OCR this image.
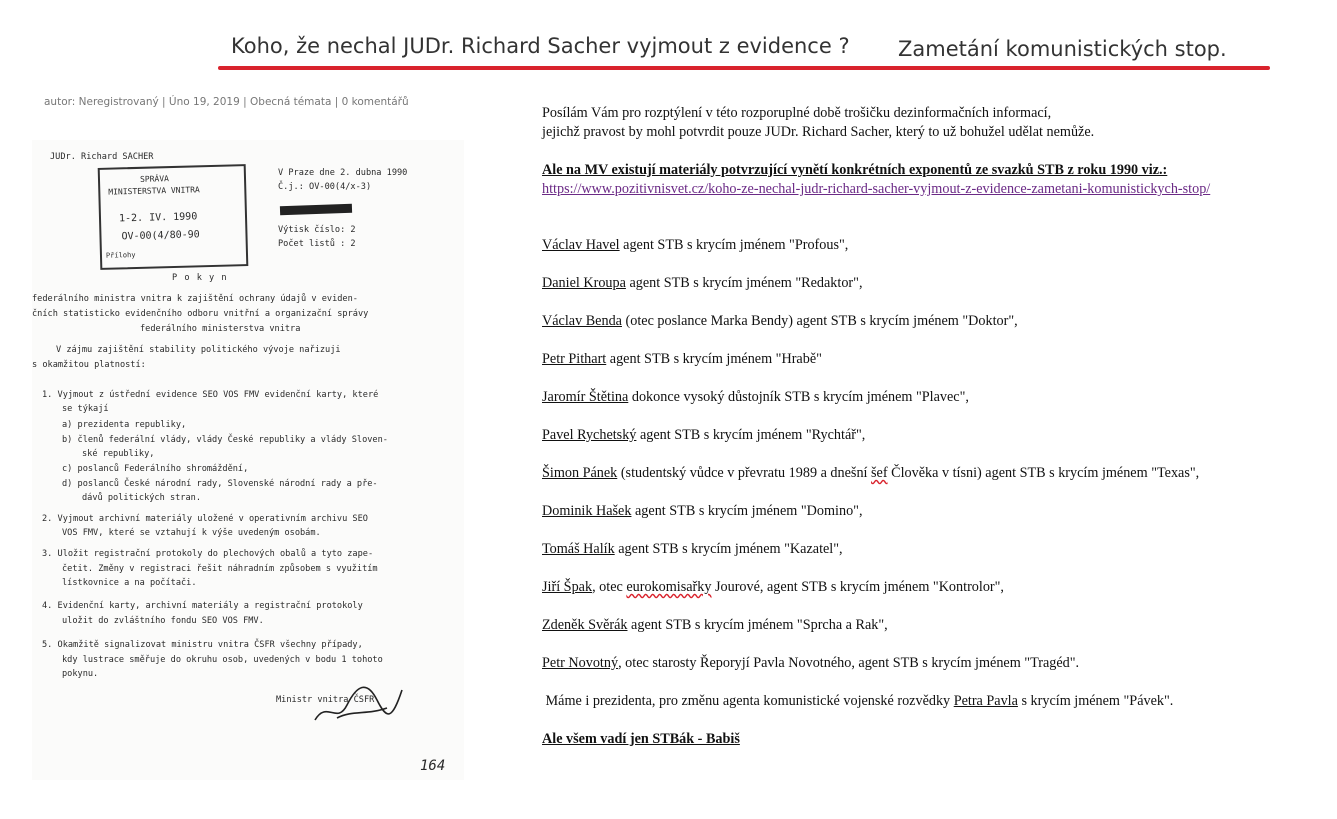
Koho, že nechal JUDr. Richard Sacher vyjmout z evidence ? Zametání komunistických stop.
autor: Neregistrovaný | Úno 19, 2019 | Obecná témata | 0 komentářů
JUDr. Richard SACHER
V Praze dne 2. dubna 1990
Č.j.: OV-00(4/x-3)
Výtisk číslo: 2
Počet listů : 2
SPRÁVA
MINISTERSTVA VNITRA
1-2. IV. 1990
OV-00(4/80-90
Přílohy
P o k y n
federálního ministra vnitra k zajištění ochrany údajů v eviden-
čních statisticko evidenčního odboru vnitřní a organizační správy
federálního ministerstva vnitra
V zájmu zajištění stability politického vývoje nařizuji
s okamžitou platností:
1. Vyjmout z ústřední evidence SEO VOS FMV evidenční karty, které
se týkají
a) prezidenta republiky,
b) členů federální vlády, vlády České republiky a vlády Sloven-
ské republiky,
c) poslanců Federálního shromáždění,
d) poslanců České národní rady, Slovenské národní rady a pře-
dávů politických stran.
2. Vyjmout archivní materiály uložené v operativním archivu SEO
VOS FMV, které se vztahují k výše uvedeným osobám.
3. Uložit registrační protokoly do plechových obalů a tyto zape-
četit. Změny v registraci řešit náhradním způsobem s využitím
lístkovnice a na počítači.
4. Evidenční karty, archivní materiály a registrační protokoly
uložit do zvláštního fondu SEO VOS FMV.
5. Okamžitě signalizovat ministru vnitra ČSFR všechny případy,
kdy lustrace směřuje do okruhu osob, uvedených v bodu 1 tohoto
pokynu.
Ministr vnitra ČSFR
164

Posílám Vám pro rozptýlení v této rozporuplné době trošičku dezinformačních informací,

jejichž pravost by mohl potvrdit pouze JUDr. Richard Sacher, který to už bohužel udělat nemůže.

Ale na MV existují materiály potvrzující vynětí konkrétních exponentů ze svazků STB z roku 1990 viz.:

https://www.pozitivnisvet.cz/koho-ze-nechal-judr-richard-sacher-vyjmout-z-evidence-zametani-komunistickych-stop/

Václav Havel agent STB s krycím jménem "Profous",
Daniel Kroupa agent STB s krycím jménem "Redaktor",
Václav Benda (otec poslance Marka Bendy) agent STB s krycím jménem "Doktor",
Petr Pithart agent STB s krycím jménem "Hrabě"
Jaromír Štětina dokonce vysoký důstojník STB s krycím jménem "Plavec",
Pavel Rychetský agent STB s krycím jménem "Rychtář",
Šimon Pánek (studentský vůdce v převratu 1989 a dnešní šef Člověka v tísni) agent STB s krycím jménem "Texas",
Dominik Hašek agent STB s krycím jménem "Domino",
Tomáš Halík agent STB s krycím jménem "Kazatel",
Jiří Špak, otec eurokomisařky Jourové, agent STB s krycím jménem "Kontrolor",
Zdeněk Svěrák agent STB s krycím jménem "Sprcha a Rak",
Petr Novotný, otec starosty Řeporyjí Pavla Novotného, agent STB s krycím jménem "Tragéd".
Máme i prezidenta, pro změnu agenta komunistické vojenské rozvědky Petra Pavla s krycím jménem "Pávek".
Ale všem vadí jen STBák - Babiš
